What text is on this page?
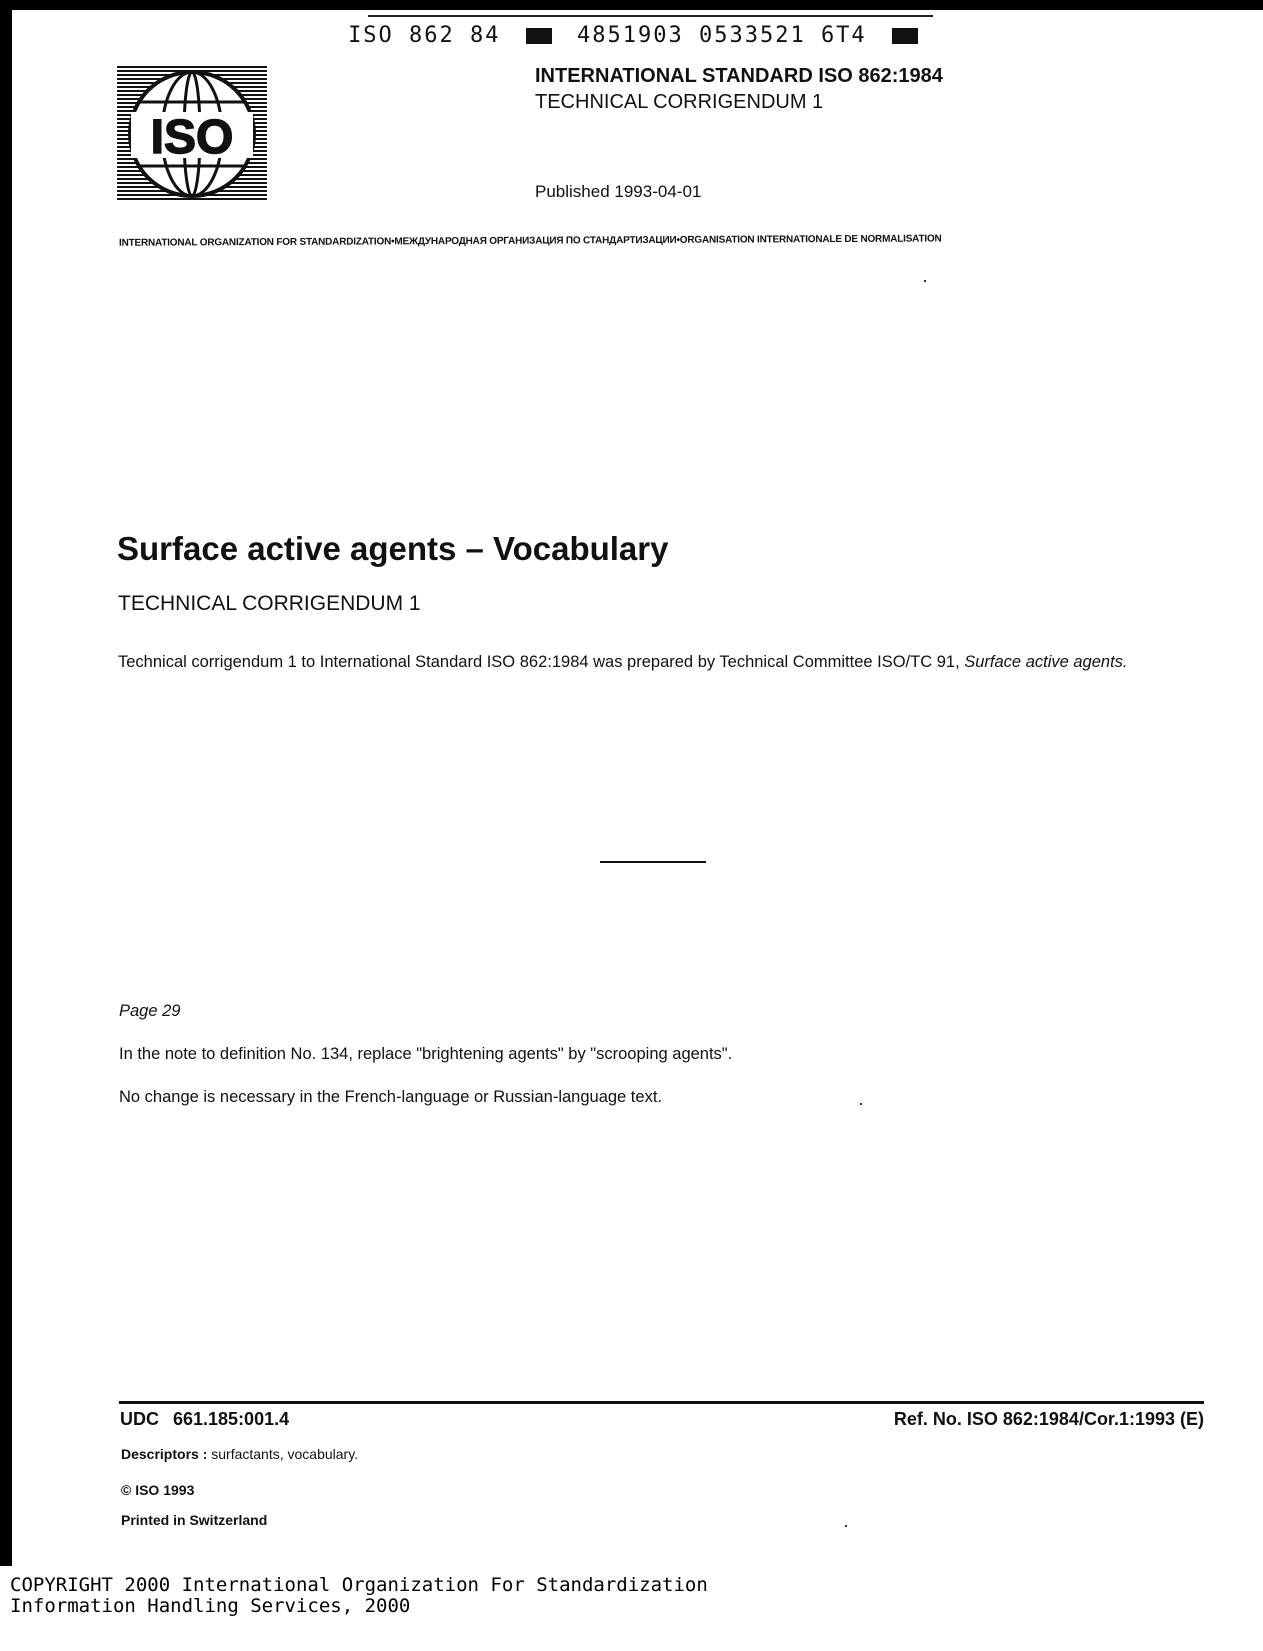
ISO 862 84	4851903 0533521 6T4
ISO
INTERNATIONAL STANDARD ISO 862:1984
TECHNICAL CORRIGENDUM 1
Published 1993-04-01
INTERNATIONAL ORGANIZATION FOR STANDARDIZATION•МЕЖДУНАРОДНАЯ ОРГАНИЗАЦИЯ ПО СТАНДАРТИЗАЦИИ•ORGANISATION INTERNATIONALE DE NORMALISATION
Surface active agents – Vocabulary
TECHNICAL CORRIGENDUM 1
Technical corrigendum 1 to International Standard ISO 862:1984 was prepared by Technical Committee ISO/TC 91, Surface active agents.
Page 29
In the note to definition No. 134, replace "brightening agents" by "scrooping agents".
No change is necessary in the French-language or Russian-language text.
UDC 661.185:001.4	Ref. No. ISO 862:1984/Cor.1:1993 (E)
Descriptors : surfactants, vocabulary.
© ISO 1993
Printed in Switzerland
COPYRIGHT 2000 International Organization For Standardization
Information Handling Services, 2000
